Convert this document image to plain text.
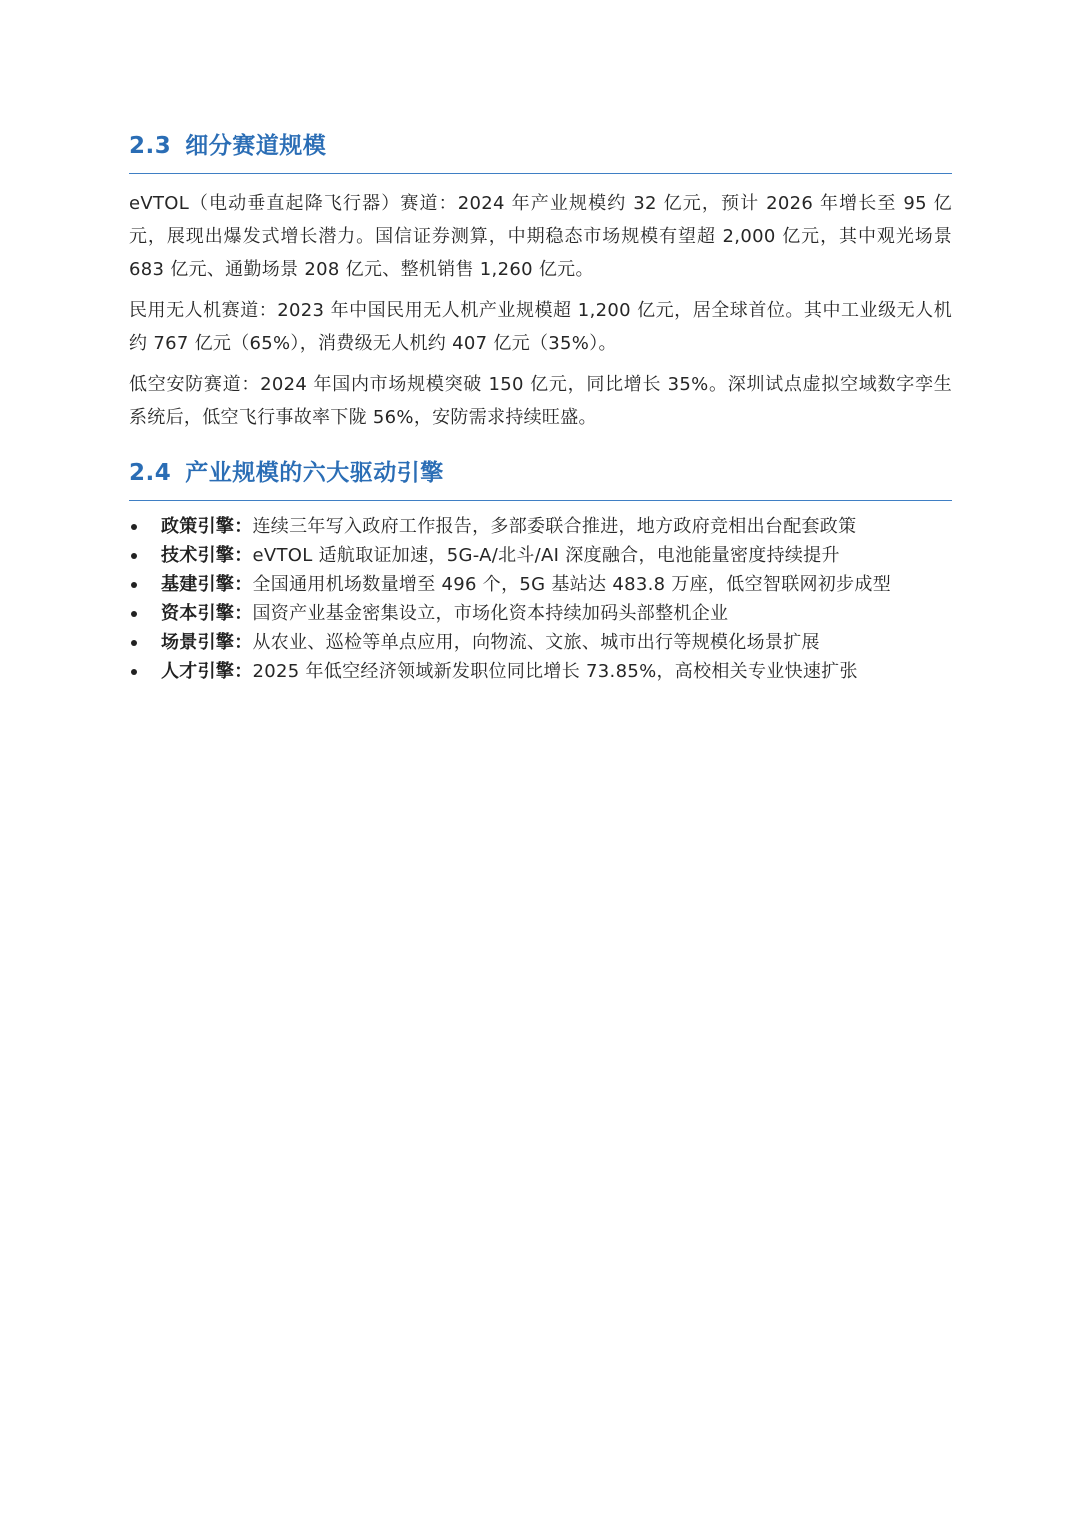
2.3 细分赛道规模

eVTOL（电动垂直起降飞行器）赛道：2024 年产业规模约 32 亿元，预计 2026 年增长至 95 亿元，展现出爆发式增长潜力。国信证券测算，中期稳态市场规模有望超 2,000 亿元，其中观光场景 683 亿元、通勤场景 208 亿元、整机销售 1,260 亿元。

民用无人机赛道：2023 年中国民用无人机产业规模超 1,200 亿元，居全球首位。其中工业级无人机约 767 亿元（65%），消费级无人机约 407 亿元（35%）。

低空安防赛道：2024 年国内市场规模突破 150 亿元，同比增长 35%。深圳试点虚拟空域数字孪生系统后，低空飞行事故率下陇 56%，安防需求持续旺盛。

2.4 产业规模的六大驱动引擎
政策引擎：连续三年写入政府工作报告，多部委联合推进，地方政府竞相出台配套政策
技术引擎：eVTOL 适航取证加速，5G-A/北斗/AI 深度融合，电池能量密度持续提升
基建引擎：全国通用机场数量增至 496 个，5G 基站达 483.8 万座，低空智联网初步成型
资本引擎：国资产业基金密集设立，市场化资本持续加码头部整机企业
场景引擎：从农业、巡检等单点应用，向物流、文旅、城市出行等规模化场景扩展
人才引擎：2025 年低空经济领域新发职位同比增长 73.85%，高校相关专业快速扩张
